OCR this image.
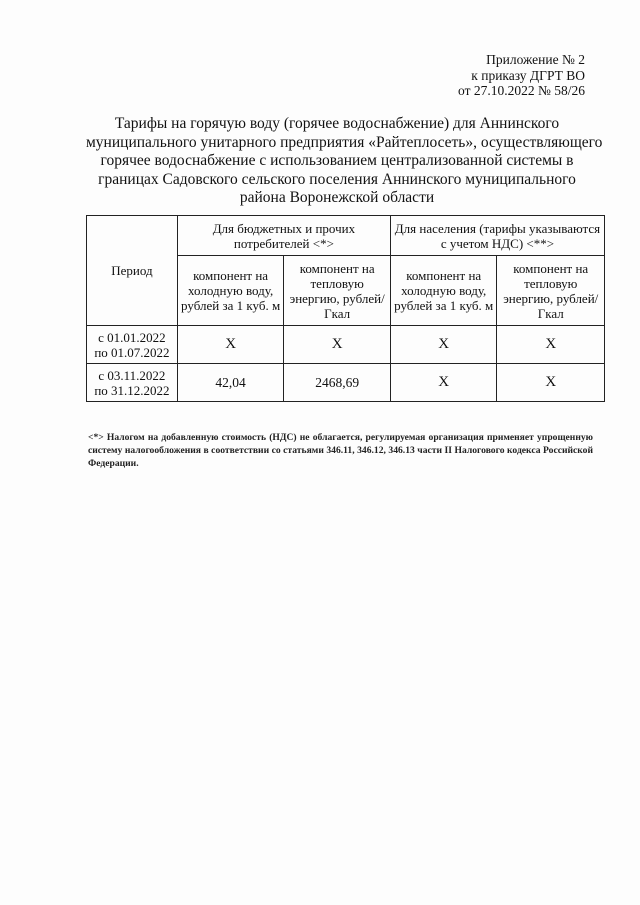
Приложение № 2
к приказу ДГРТ ВО
от 27.10.2022 № 58/26
Тарифы на горячую воду (горячее водоснабжение) для Аннинского
муниципального унитарного предприятия «Райтеплосеть», осуществляющего
горячее водоснабжение с использованием централизованной системы в
границах Садовского сельского поселения Аннинского муниципального
района Воронежской области
Период	Для бюджетных и прочих потребителей <*>		Для населения (тарифы указываются с учетом НДС) <**>	
	компонент на холодную воду, рублей за 1 куб. м	компонент на тепловую энергию, рублей/Гкал	компонент на холодную воду, рублей за 1 куб. м	компонент на тепловую энергию, рублей/Гкал

с 01.01.2022
по 01.07.2022	X	X	X	X

с 03.11.2022
по 31.12.2022	42,04	2468,69	X	X
<*> Налогом на добавленную стоимость (НДС) не облагается, регулируемая организация применяет упрощенную систему налогообложения в соответствии со статьями 346.11, 346.12, 346.13 части II Налогового кодекса Российской Федерации.
